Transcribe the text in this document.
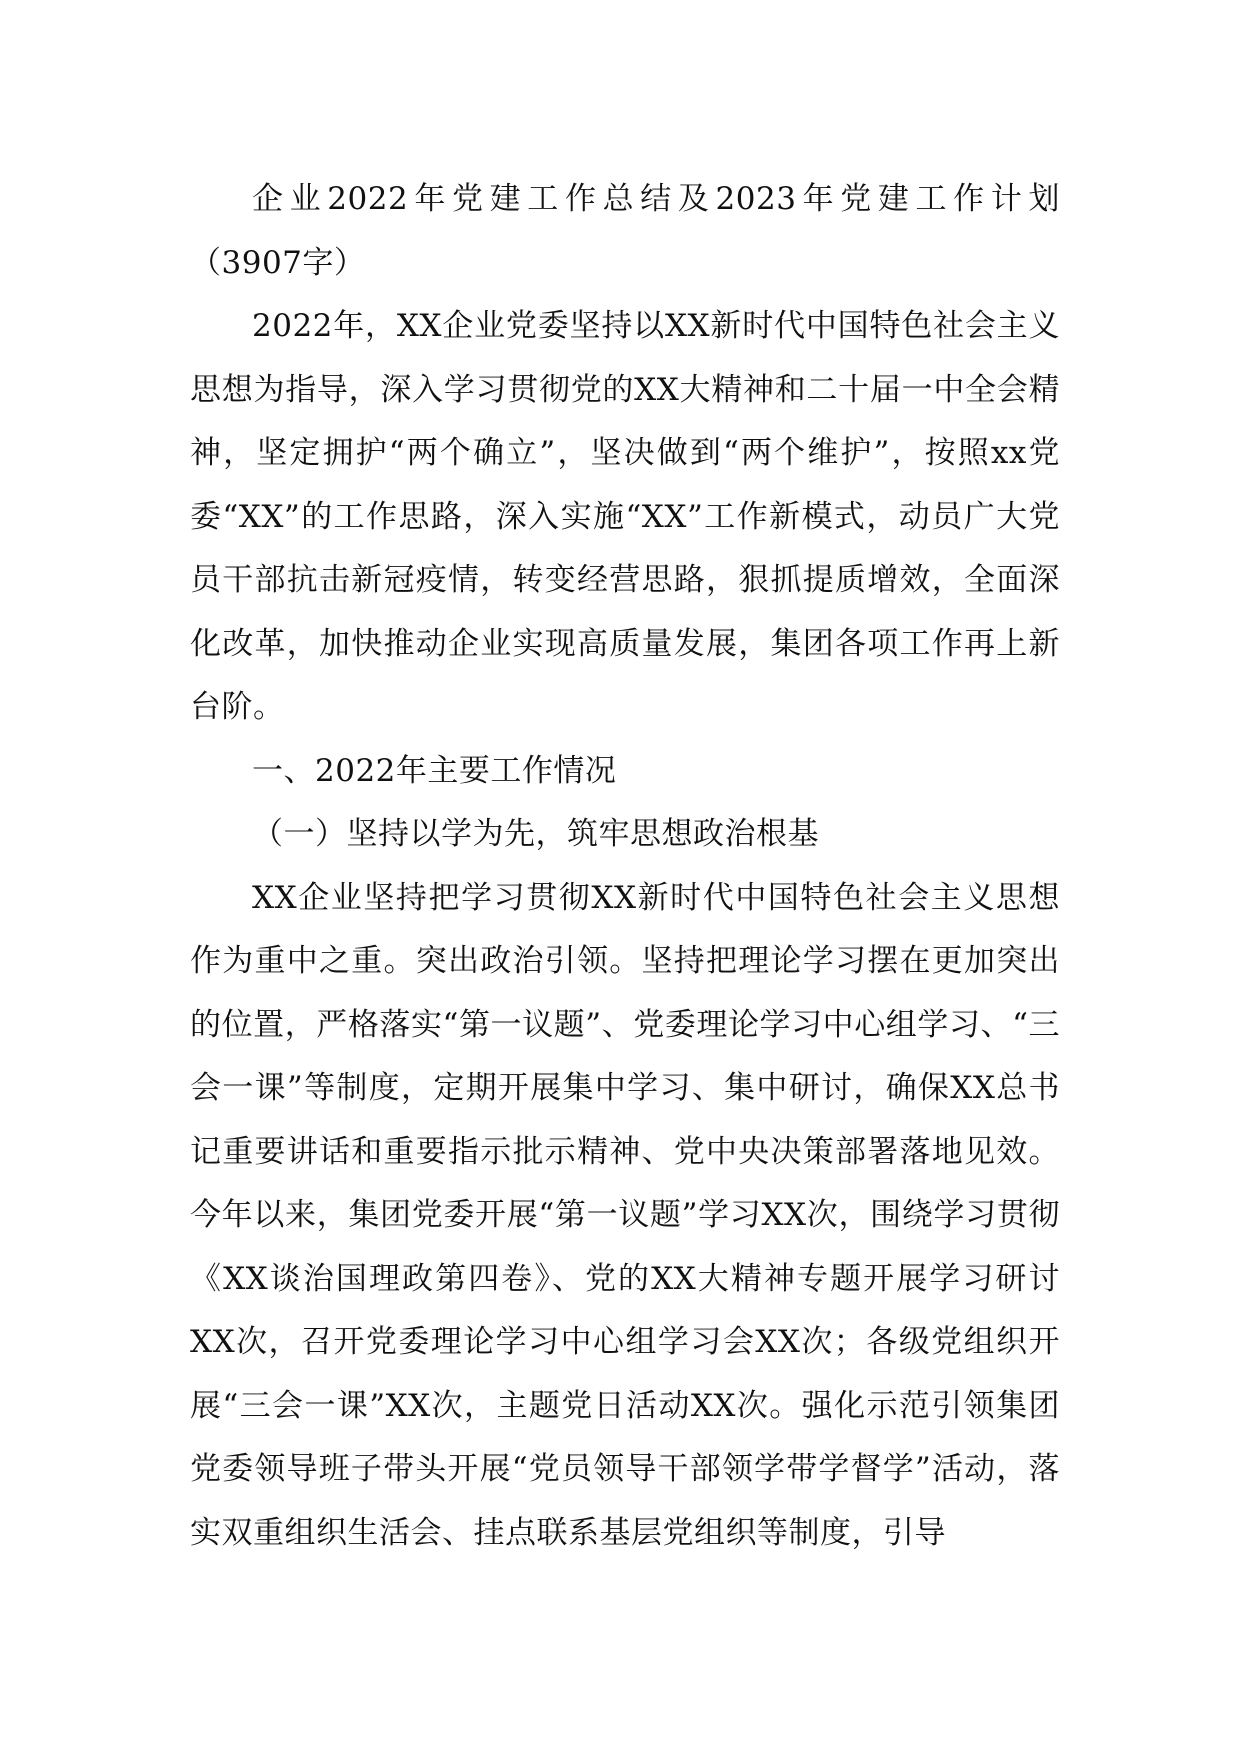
企业2022年党建工作总结及2023年党建工作计划（3907字）

2022年，XX企业党委坚持以XX新时代中国特色社会主义思想为指导，深入学习贯彻党的XX大精神和二十届一中全会精神，坚定拥护“两个确立”，坚决做到“两个维护”，按照xx党委“XX”的工作思路，深入实施“XX”工作新模式，动员广大党员干部抗击新冠疫情，转变经营思路，狠抓提质增效，全面深化改革，加快推动企业实现高质量发展，集团各项工作再上新台阶。

一、2022年主要工作情况

（一）坚持以学为先，筑牢思想政治根基

XX企业坚持把学习贯彻XX新时代中国特色社会主义思想作为重中之重。突出政治引领。坚持把理论学习摆在更加突出的位置，严格落实“第一议题”、党委理论学习中心组学习、“三会一课”等制度，定期开展集中学习、集中研讨，确保XX总书记重要讲话和重要指示批示精神、党中央决策部署落地见效。今年以来，集团党委开展“第一议题”学习XX次，围绕学习贯彻《XX谈治国理政第四卷》、党的XX大精神专题开展学习研讨XX次，召开党委理论学习中心组学习会XX次；各级党组织开展“三会一课”XX次，主题党日活动XX次。强化示范引领集团党委领导班子带头开展“党员领导干部领学带学督学”活动，落实双重组织生活会、挂点联系基层党组织等制度，引导
